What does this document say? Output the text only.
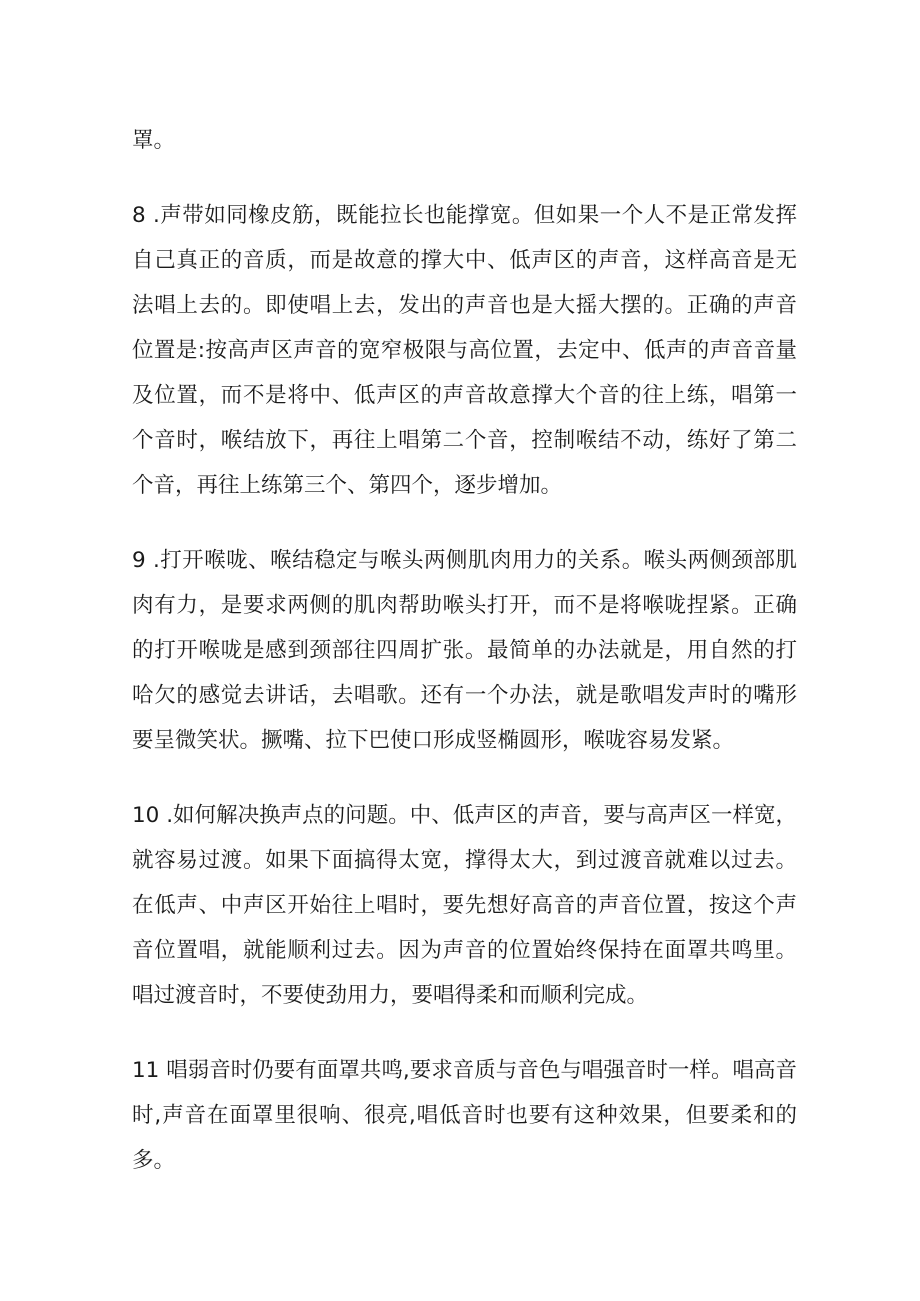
罩。

8 .声带如同橡皮筋，既能拉长也能撑宽。但如果一个人不是正常发挥自己真正的音质，而是故意的撑大中、低声区的声音，这样高音是无法唱上去的。即使唱上去，发出的声音也是大摇大摆的。正确的声音位置是:按高声区声音的宽窄极限与高位置，去定中、低声的声音音量及位置，而不是将中、低声区的声音故意撑大个音的往上练，唱第一个音时，喉结放下，再往上唱第二个音，控制喉结不动，练好了第二个音，再往上练第三个、第四个，逐步增加。

9 .打开喉咙、喉结稳定与喉头两侧肌肉用力的关系。喉头两侧颈部肌肉有力，是要求两侧的肌肉帮助喉头打开，而不是将喉咙捏紧。正确的打开喉咙是感到颈部往四周扩张。最简单的办法就是，用自然的打哈欠的感觉去讲话，去唱歌。还有一个办法，就是歌唱发声时的嘴形要呈微笑状。撅嘴、拉下巴使口形成竖椭圆形，喉咙容易发紧。

10 .如何解决换声点的问题。中、低声区的声音，要与高声区一样宽，就容易过渡。如果下面搞得太宽，撑得太大，到过渡音就难以过去。在低声、中声区开始往上唱时，要先想好高音的声音位置，按这个声音位置唱，就能顺利过去。因为声音的位置始终保持在面罩共鸣里。唱过渡音时，不要使劲用力，要唱得柔和而顺利完成。

11 唱弱音时仍要有面罩共鸣,要求音质与音色与唱强音时一样。唱高音时,声音在面罩里很响、很亮,唱低音时也要有这种效果，但要柔和的多。
